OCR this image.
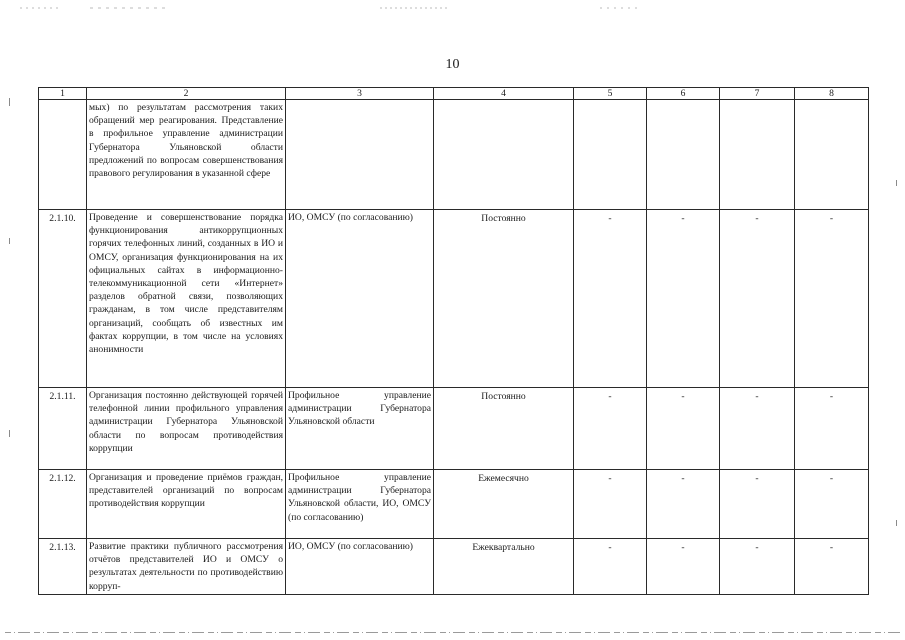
10
1	2	3	4	5	6	7	8
	мых) по результатам рассмотрения таких обращений мер реагирования. Представление в профильное управление администрации Губернатора Ульяновской области предложений по вопросам совершенствования правового регулирования в указанной сфере						
2.1.10.	Проведение и совершенствование порядка функционирования антикоррупционных горячих телефонных линий, созданных в ИО и ОМСУ, организация функционирования на их официальных сайтах в информационно-телекоммуникационной сети «Интернет» разделов обратной связи, позволяющих гражданам, в том числе представителям организаций, сообщать об известных им фактах коррупции, в том числе на условиях анонимности	ИО, ОМСУ (по согласованию)	Постоянно	-	-	-	-
2.1.11.	Организация постоянно действующей горячей телефонной линии профильного управления администрации Губернатора Ульяновской области по вопросам противодействия коррупции	Профильное управление администрации Губернатора Ульяновской области	Постоянно	-	-	-	-
2.1.12.	Организация и проведение приёмов граждан, представителей организаций по вопросам противодействия коррупции	Профильное управление администрации Губернатора Ульяновской области, ИО, ОМСУ (по согласованию)	Ежемесячно	-	-	-	-
2.1.13.	Развитие практики публичного рассмотрения отчётов представителей ИО и ОМСУ о результатах деятельности по противодействию корруп-	ИО, ОМСУ (по согласованию)	Ежеквартально	-	-	-	-
